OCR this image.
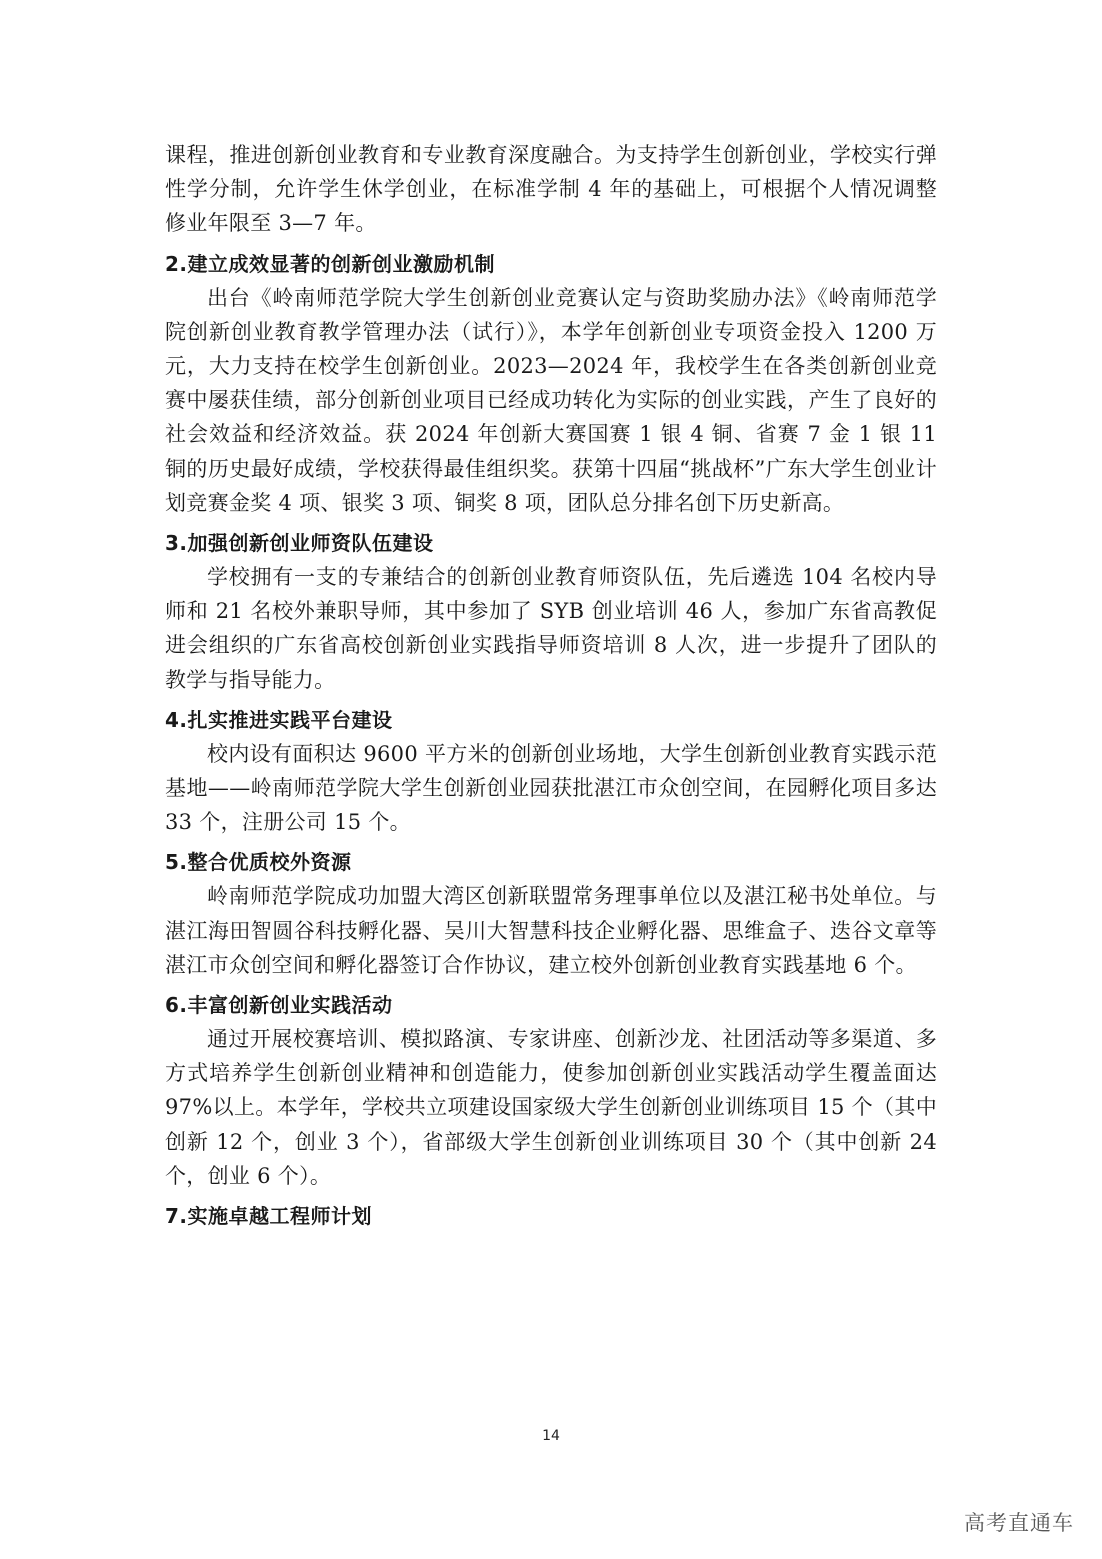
课程，推进创新创业教育和专业教育深度融合。为支持学生创新创业，学校实行弹性学分制，允许学生休学创业，在标准学制 4 年的基础上，可根据个人情况调整修业年限至 3—7 年。

2.建立成效显著的创新创业激励机制

出台《岭南师范学院大学生创新创业竞赛认定与资助奖励办法》《岭南师范学院创新创业教育教学管理办法（试行）》，本学年创新创业专项资金投入 1200 万元，大力支持在校学生创新创业。2023—2024 年，我校学生在各类创新创业竞赛中屡获佳绩，部分创新创业项目已经成功转化为实际的创业实践，产生了良好的社会效益和经济效益。获 2024 年创新大赛国赛 1 银 4 铜、省赛 7 金 1 银 11 铜的历史最好成绩，学校获得最佳组织奖。获第十四届“挑战杯”广东大学生创业计划竞赛金奖 4 项、银奖 3 项、铜奖 8 项，团队总分排名创下历史新高。

3.加强创新创业师资队伍建设

学校拥有一支的专兼结合的创新创业教育师资队伍，先后遴选 104 名校内导师和 21 名校外兼职导师，其中参加了 SYB 创业培训 46 人，参加广东省高教促进会组织的广东省高校创新创业实践指导师资培训 8 人次，进一步提升了团队的教学与指导能力。

4.扎实推进实践平台建设

校内设有面积达 9600 平方米的创新创业场地，大学生创新创业教育实践示范基地——岭南师范学院大学生创新创业园获批湛江市众创空间，在园孵化项目多达 33 个，注册公司 15 个。

5.整合优质校外资源

岭南师范学院成功加盟大湾区创新联盟常务理事单位以及湛江秘书处单位。与湛江海田智圆谷科技孵化器、吴川大智慧科技企业孵化器、思维盒子、迭谷文章等湛江市众创空间和孵化器签订合作协议，建立校外创新创业教育实践基地 6 个。

6.丰富创新创业实践活动

通过开展校赛培训、模拟路演、专家讲座、创新沙龙、社团活动等多渠道、多方式培养学生创新创业精神和创造能力，使参加创新创业实践活动学生覆盖面达 97%以上。本学年，学校共立项建设国家级大学生创新创业训练项目 15 个（其中创新 12 个，创业 3 个），省部级大学生创新创业训练项目 30 个（其中创新 24 个，创业 6 个）。

7.实施卓越工程师计划
14
高考直通车
